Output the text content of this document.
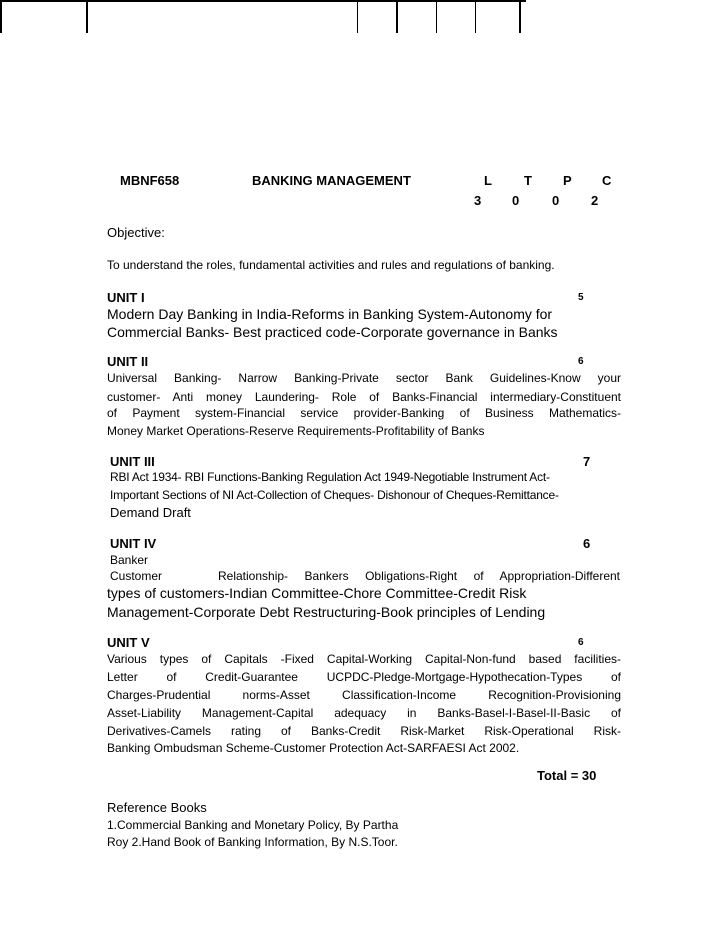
MBNF658	BANKING MANAGEMENT	L T P C
3 0	0 2
Objective:
To understand the roles, fundamental activities and rules and regulations of banking.
UNIT I	5
Modern Day Banking in India-Reforms in Banking System-Autonomy for
Commercial Banks- Best practiced code-Corporate governance in Banks
UNIT II	6
Universal Banking- Narrow Banking-Private sector Bank Guidelines-Know your
customer- Anti money Laundering- Role of Banks-Financial intermediary-Constituent
of Payment system-Financial service provider-Banking of Business Mathematics-
Money Market Operations-Reserve Requirements-Profitability of Banks
UNIT III	7
RBI Act 1934- RBI Functions-Banking Regulation Act 1949-Negotiable Instrument Act-
Important Sections of NI Act-Collection of Cheques- Dishonour of Cheques-Remittance-
Demand Draft
UNIT IV	6
Banker
Customer	Relationship- Bankers Obligations-Right of Appropriation-Different
types of customers-Indian Committee-Chore Committee-Credit Risk
Management-Corporate Debt Restructuring-Book principles of Lending
UNIT V	6
Various types of Capitals -Fixed Capital-Working Capital-Non-fund based facilities-
Letter of Credit-Guarantee UCPDC-Pledge-Mortgage-Hypothecation-Types of
Charges-Prudential norms-Asset Classification-Income Recognition-Provisioning
Asset-Liability Management-Capital adequacy in Banks-Basel-I-Basel-II-Basic of
Derivatives-Camels rating of Banks-Credit Risk-Market Risk-Operational Risk-
Banking Ombudsman Scheme-Customer Protection Act-SARFAESI Act 2002.
Total = 30
Reference Books
1.Commercial Banking and Monetary Policy, By Partha
Roy 2.Hand Book of Banking Information, By N.S.Toor.
